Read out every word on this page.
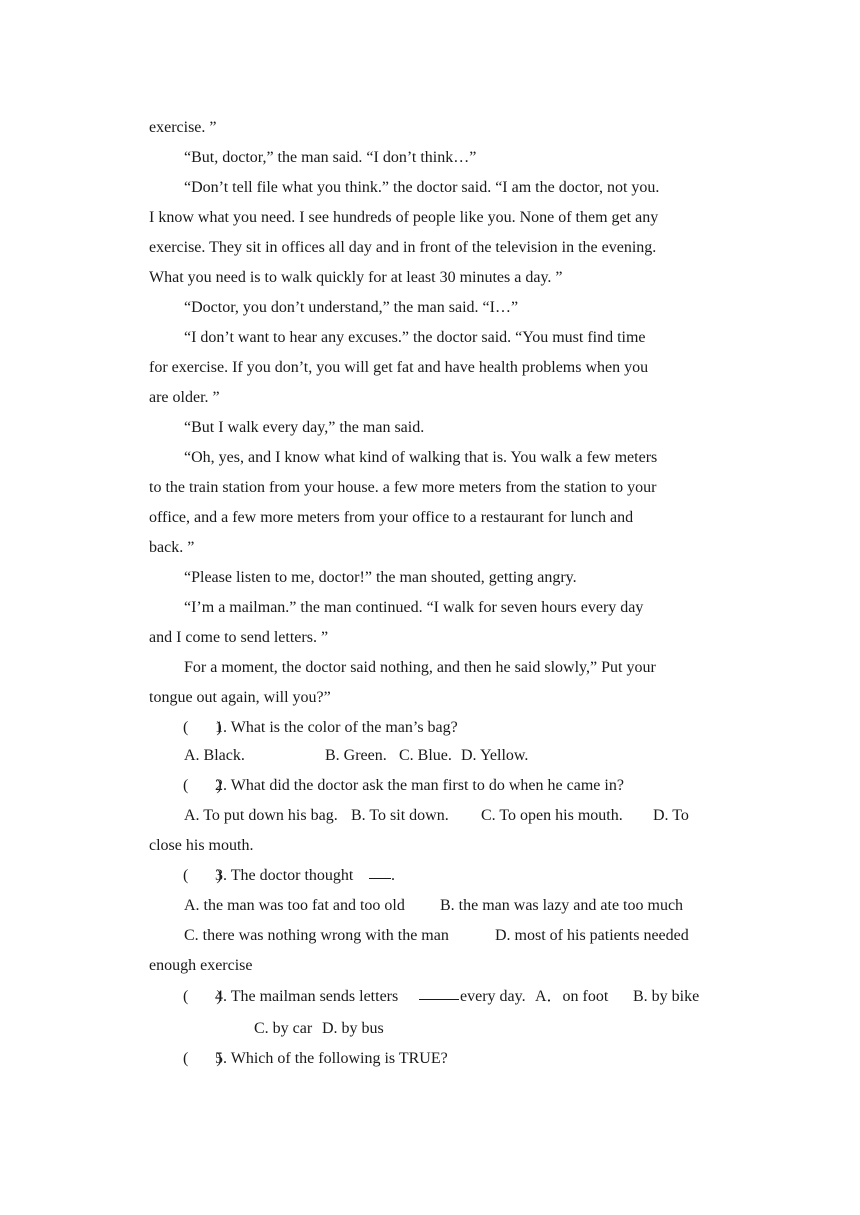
exercise. ”
“But, doctor,” the man said. “I don’t think…”
“Don’t tell file what you think.” the doctor said. “I am the doctor, not you.
I know what you need. I see hundreds of people like you. None of them get any
exercise. They sit in offices all day and in front of the television in the evening.
What you need is to walk quickly for at least 30 minutes a day. ”
“Doctor, you don’t understand,” the man said. “I…”
“I don’t want to hear any excuses.” the doctor said. “You must find time
for exercise. If you don’t, you will get fat and have health problems when you
are older. ”
“But I walk every day,” the man said.
“Oh, yes, and I know what kind of walking that is. You walk a few meters
to the train station from your house. a few more meters from the station to your
office, and a few more meters from your office to a restaurant for lunch and
back. ”
“Please listen to me, doctor!” the man shouted, getting angry.
“I’m a mailman.” the man continued. “I walk for seven hours every day
and I come to send letters. ”
For a moment, the doctor said nothing, and then he said slowly,” Put your
tongue out again, will you?”
(       )
1. What is the color of the man’s bag?
A. Black.	B. Green. C. Blue. D. Yellow.
(       )
2. What did the doctor ask the man first to do when he came in?
A. To put down his bag. B. To sit down. C. To open his mouth. D. To
close his mouth.
(       )
3. The doctor thought .
A. the man was too fat and too old B. the man was lazy and ate too much
C. there was nothing wrong with the man	D. most of his patients needed
enough exercise
(       )
4. The mailman sends letters	every day. A．on foot B. by bike
C. by car D. by bus
(       )
5. Which of the following is TRUE?
